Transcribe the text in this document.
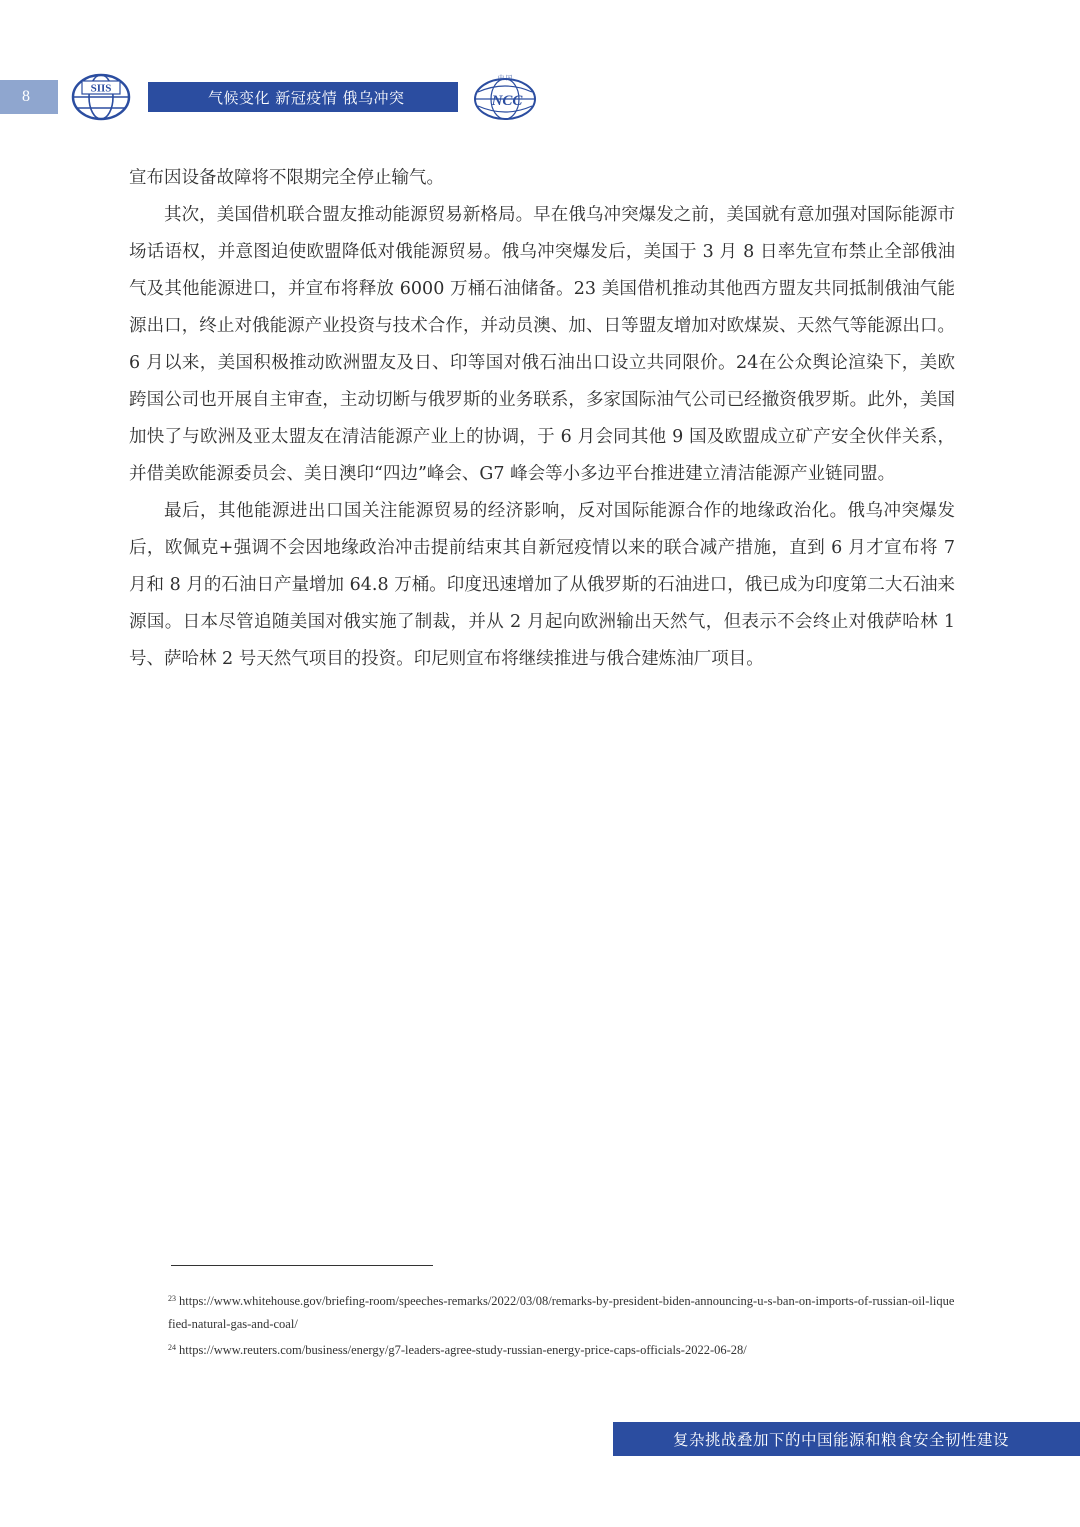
8	SIIS	气候变化 新冠疫情 俄乌冲突
中 国
NCC

宣布因设备故障将不限期完全停止输气。

其次，美国借机联合盟友推动能源贸易新格局。早在俄乌冲突爆发之前，美国就有意加强对国际能源市场话语权，并意图迫使欧盟降低对俄能源贸易。俄乌冲突爆发后，美国于 3 月 8 日率先宣布禁止全部俄油气及其他能源进口，并宣布将释放 6000 万桶石油储备。23 美国借机推动其他西方盟友共同抵制俄油气能源出口，终止对俄能源产业投资与技术合作，并动员澳、加、日等盟友增加对欧煤炭、天然气等能源出口。6 月以来，美国积极推动欧洲盟友及日、印等国对俄石油出口设立共同限价。24在公众舆论渲染下，美欧跨国公司也开展自主审查，主动切断与俄罗斯的业务联系，多家国际油气公司已经撤资俄罗斯。此外，美国加快了与欧洲及亚太盟友在清洁能源产业上的协调，于 6 月会同其他 9 国及欧盟成立矿产安全伙伴关系，并借美欧能源委员会、美日澳印“四边”峰会、G7 峰会等小多边平台推进建立清洁能源产业链同盟。

最后，其他能源进出口国关注能源贸易的经济影响，反对国际能源合作的地缘政治化。俄乌冲突爆发后，欧佩克+强调不会因地缘政治冲击提前结束其自新冠疫情以来的联合减产措施，直到 6 月才宣布将 7 月和 8 月的石油日产量增加 64.8 万桶。印度迅速增加了从俄罗斯的石油进口，俄已成为印度第二大石油来源国。日本尽管追随美国对俄实施了制裁，并从 2 月起向欧洲输出天然气，但表示不会终止对俄萨哈林 1 号、萨哈林 2 号天然气项目的投资。印尼则宣布将继续推进与俄合建炼油厂项目。

$^{23}$ https://www.whitehouse.gov/briefing-room/speeches-remarks/2022/03/08/remarks-by-president-biden-announcing-u-s-ban-on-imports-of-russian-oil-liquefied-natural-gas-and-coal/

$^{24}$ https://www.reuters.com/business/energy/g7-leaders-agree-study-russian-energy-price-caps-officials-2022-06-28/

复杂挑战叠加下的中国能源和粮食安全韧性建设
